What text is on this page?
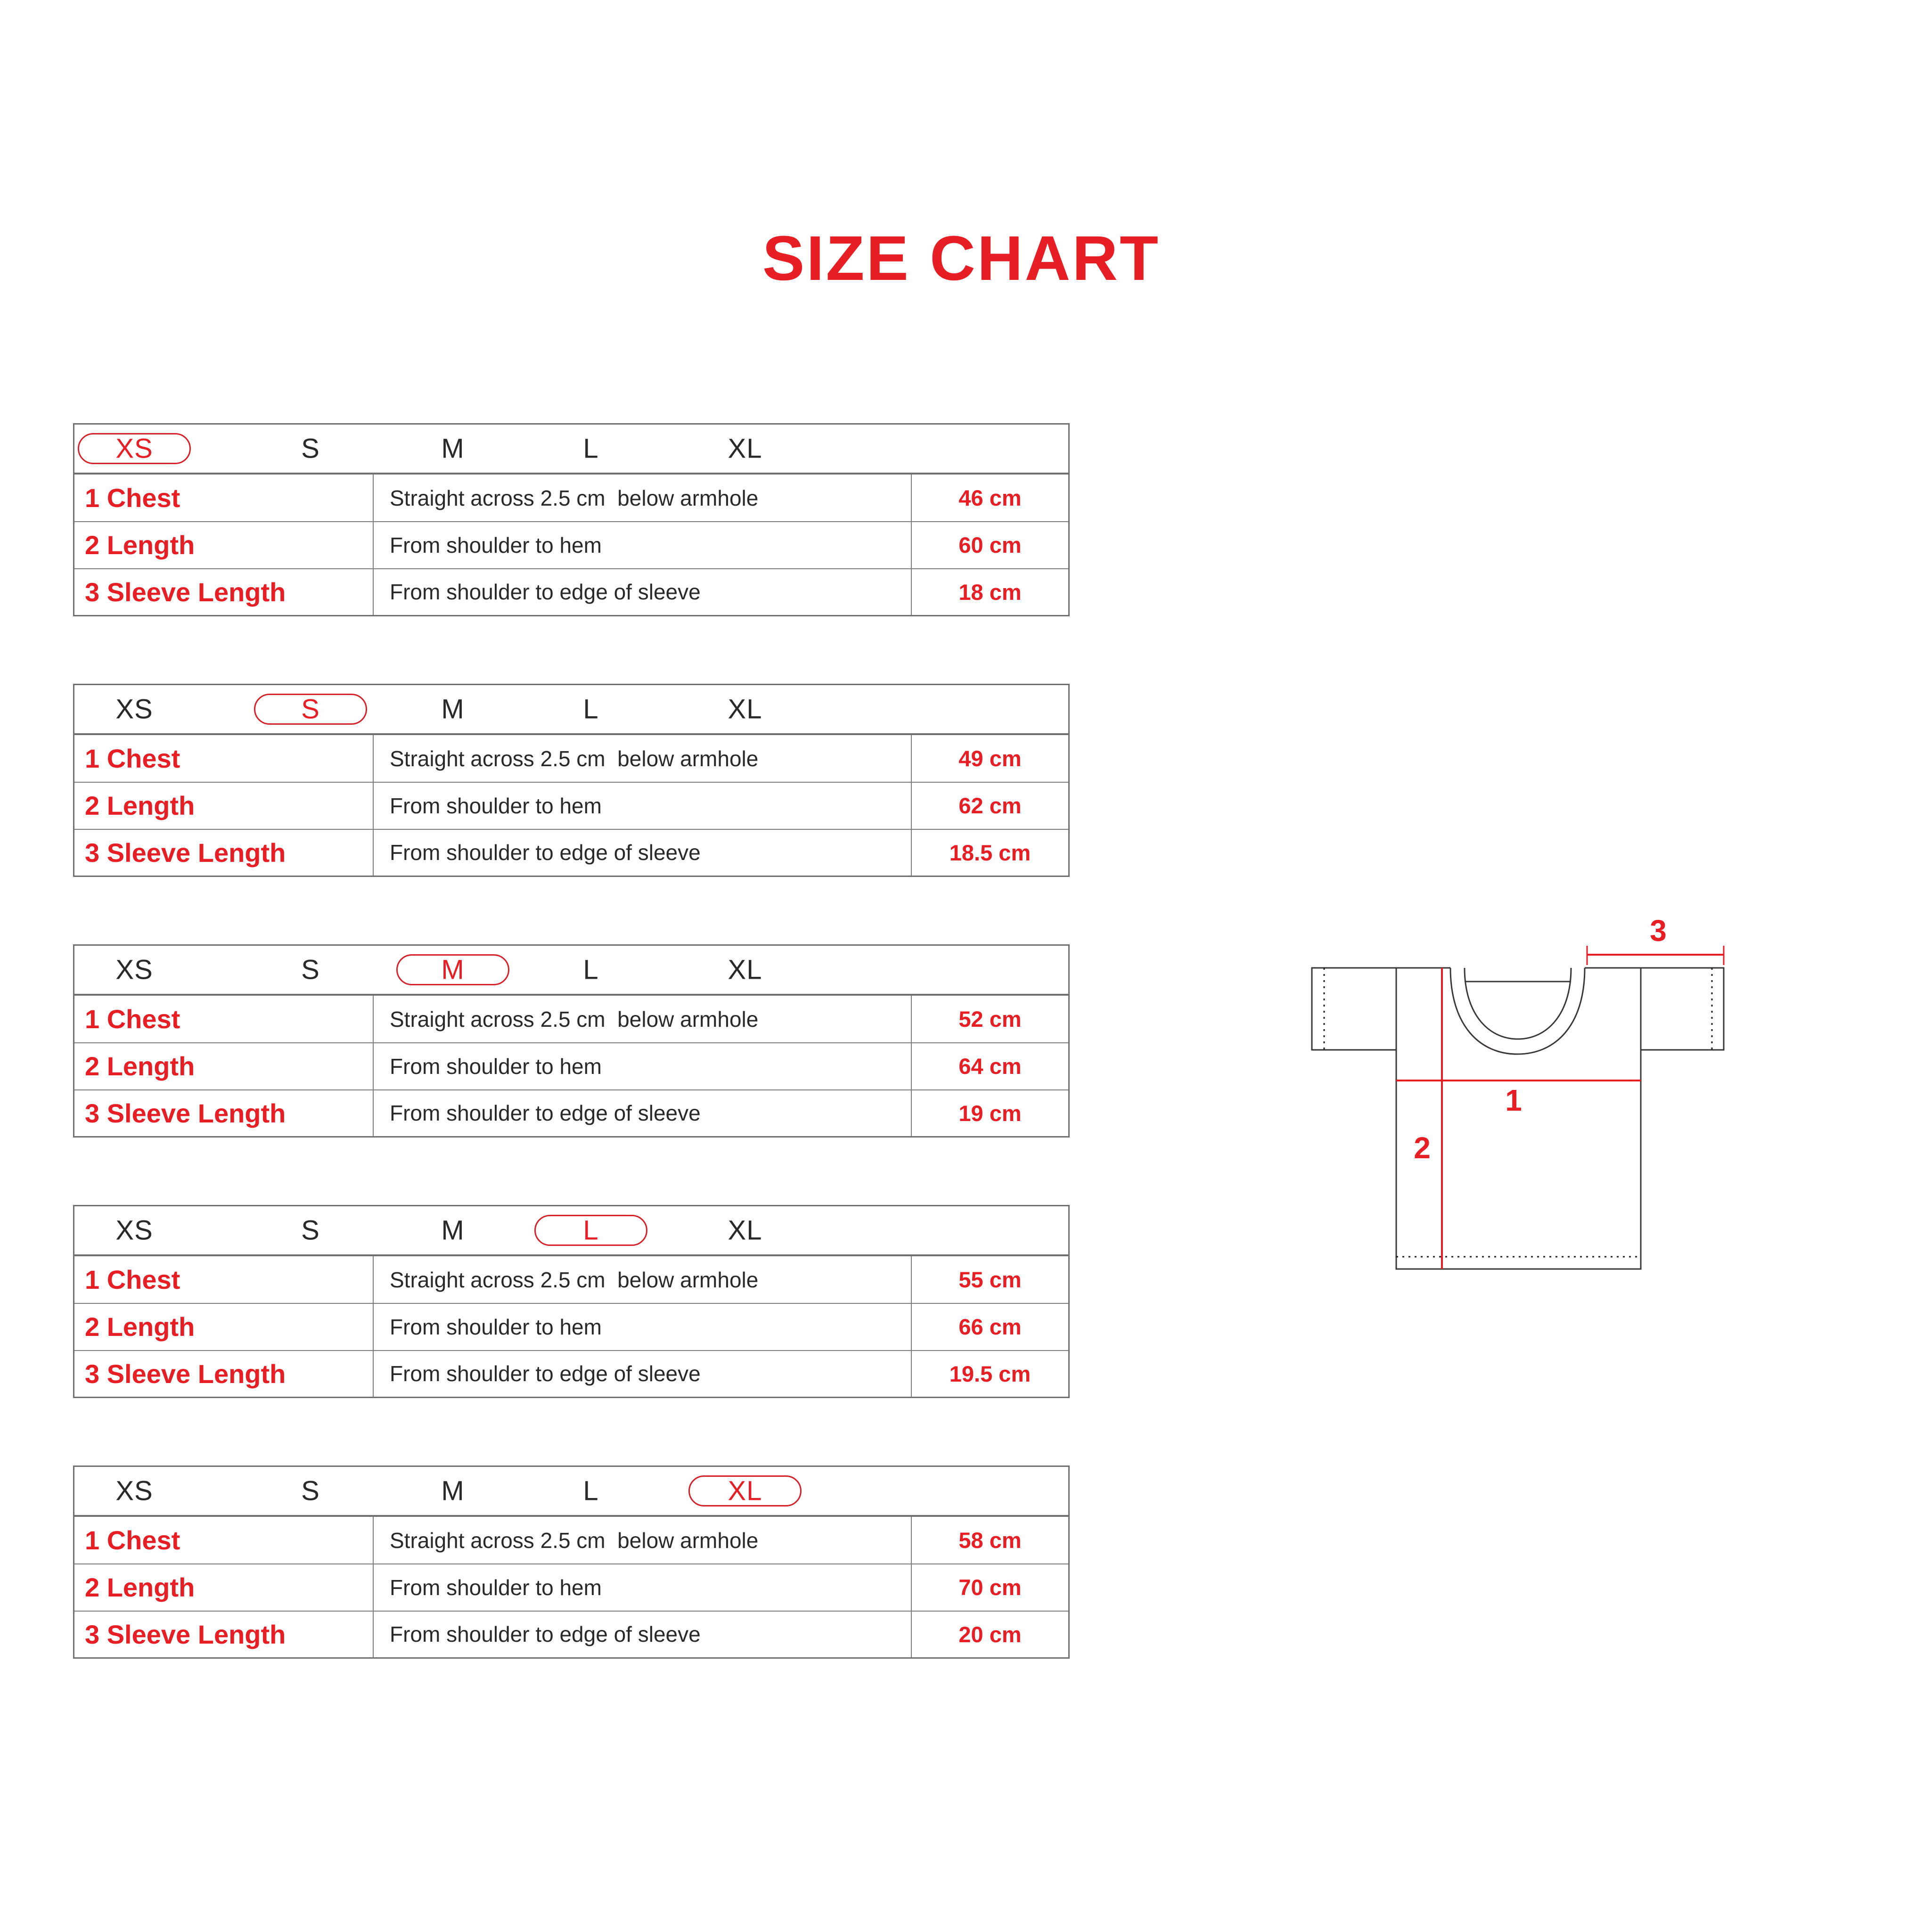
SIZE CHART
XS	S	M	L	XL
1 Chest	Straight across 2.5 cm  below armhole	46 cm
2 Length	From shoulder to hem	60 cm
3 Sleeve Length	From shoulder to edge of sleeve	18 cm
XS	S	M	L	XL
1 Chest	Straight across 2.5 cm  below armhole	49 cm
2 Length	From shoulder to hem	62 cm
3 Sleeve Length	From shoulder to edge of sleeve	18.5 cm
XS	S	M	L	XL
1 Chest	Straight across 2.5 cm  below armhole	52 cm
2 Length	From shoulder to hem	64 cm
3 Sleeve Length	From shoulder to edge of sleeve	19 cm
XS	S	M	L	XL
1 Chest	Straight across 2.5 cm  below armhole	55 cm
2 Length	From shoulder to hem	66 cm
3 Sleeve Length	From shoulder to edge of sleeve	19.5 cm
XS	S	M	L	XL
1 Chest	Straight across 2.5 cm  below armhole	58 cm
2 Length	From shoulder to hem	70 cm
3 Sleeve Length	From shoulder to edge of sleeve	20 cm
1
2
3
